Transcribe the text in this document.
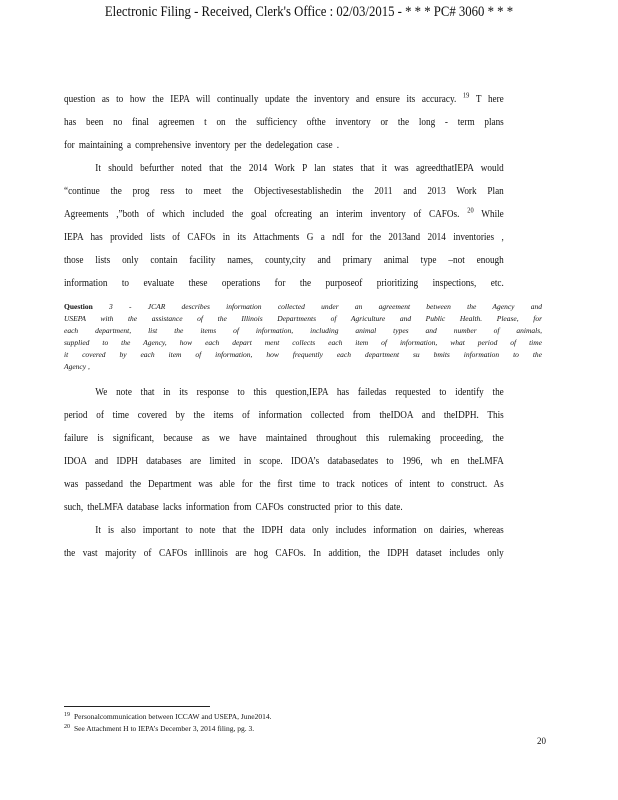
Electronic Filing - Received, Clerk's Office : 02/03/2015 - * * * PC# 3060 * * *
question as to how the IEPA will continually update the inventory and ensure its accuracy. $^{19}$ T here
has been no final agreemen t on the sufficiency ofthe inventory or the long - term plans
for maintaining a comprehensive inventory per the dedelegation case .
It should befurther noted that the 2014 Work P lan states that it was agreedthatIEPA would
“continue the prog ress to meet the Objectivesestablishedin the 2011 and 2013 Work Plan
Agreements ,”both of which included the goal ofcreating an interim inventory of CAFOs. $^{20}$ While
IEPA has provided lists of CAFOs in its Attachments G a ndI for the 2013and 2014 inventories ,
those lists only contain facility names, county,city and primary animal type –not enough
information to evaluate these operations for the purposeof prioritizing inspections, etc.
Question 3 - JCAR describes information collected under an agreement between the Agency and
USEPA with the assistance of the Illinois Departments of Agriculture and Public Health. Please, for
each department, list the items of information, including animal types and number of animals,
supplied to the Agency, how each depart ment collects each item of information, what period of time
it covered by each item of information, how frequently each department su bmits information to the
Agency ,
We note that in its response to this question,IEPA has failedas requested to identify the
period of time covered by the items of information collected from theIDOA and theIDPH. This
failure is significant, because as we have maintained throughout this rulemaking proceeding, the
IDOA and IDPH databases are limited in scope. IDOA’s databasedates to 1996, wh en theLMFA
was passedand the Department was able for the first time to track notices of intent to construct. As
such, theLMFA database lacks information from CAFOs constructed prior to this date.
It is also important to note that the IDPH data only includes information on dairies, whereas
the vast majority of CAFOs inIllinois are hog CAFOs. In addition, the IDPH dataset includes only
$^{19}$ Personalcommunication between ICCAW and USEPA, June2014.
$^{20}$ See Attachment H to IEPA’s December 3, 2014 filing, pg. 3.
20
